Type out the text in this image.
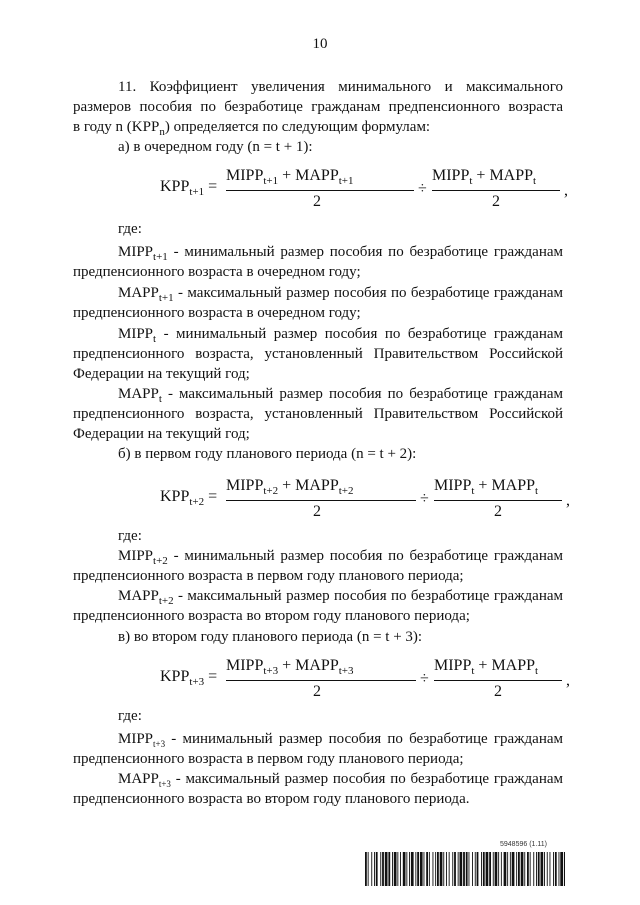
10
11. Коэффициент увеличения минимального и максимального
размеров пособия по безработице гражданам предпенсионного возраста
в году n $(KPP_n)$ определяется по следующим формулам:
а) в очередном году (n = t + 1):
$KPP_{t+1}$ =
$MIPP_{t+1}$ + $MAPP_{t+1}$
2
÷
$MIPP_t$ + $MAPP_t$
2
,
где:
$MIPP_{t+1}$ - минимальный размер пособия по безработице гражданам
предпенсионного возраста в очередном году;
$MAPP_{t+1}$ - максимальный размер пособия по безработице гражданам
предпенсионного возраста в очередном году;
$MIPP_t$ - минимальный размер пособия по безработице гражданам
предпенсионного возраста, установленный Правительством Российской
Федерации на текущий год;
$MAPP_t$ - максимальный размер пособия по безработице гражданам
предпенсионного возраста, установленный Правительством Российской
Федерации на текущий год;
б) в первом году планового периода (n = t + 2):
$KPP_{t+2}$ =
$MIPP_{t+2}$ + $MAPP_{t+2}$
2
÷
$MIPP_t$ + $MAPP_t$
2
,
где:
$MIPP_{t+2}$ - минимальный размер пособия по безработице гражданам
предпенсионного возраста в первом году планового периода;
$MAPP_{t+2}$ - максимальный размер пособия по безработице гражданам
предпенсионного возраста во втором году планового периода;
в) во втором году планового периода (n = t + 3):
$KPP_{t+3}$ =
$MIPP_{t+3}$ + $MAPP_{t+3}$
2
÷
$MIPP_t$ + $MAPP_t$
2
,
где:
$MIPP_{t+3}$ - минимальный размер пособия по безработице гражданам
предпенсионного возраста в первом году планового периода;
$MAPP_{t+3}$ - максимальный размер пособия по безработице гражданам
предпенсионного возраста во втором году планового периода.
5948596 (1.11)
